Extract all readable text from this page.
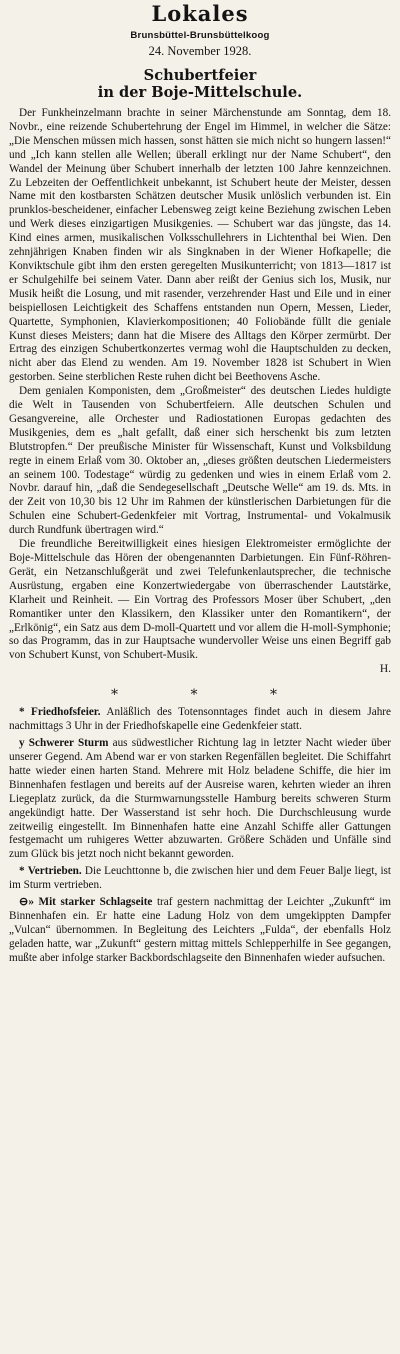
Lokales
Brunsbüttel-Brunsbüttelkoog
24. November 1928.
Schubertfeier
in der Boje-Mittelschule.

Der Funkheinzelmann brachte in seiner Märchenstunde am Sonntag, dem 18. Novbr., eine reizende Schubertehrung der Engel im Himmel, in welcher die Sätze: „Die Menschen müssen mich hassen, sonst hätten sie mich nicht so hungern lassen!“ und „Ich kann stellen alle Wellen; überall erklingt nur der Name Schubert“, den Wandel der Meinung über Schubert innerhalb der letzten 100 Jahre kennzeichnen. Zu Lebzeiten der Oeffentlichkeit unbekannt, ist Schubert heute der Meister, dessen Name mit den kostbarsten Schätzen deutscher Musik unlöslich verbunden ist. Ein prunklos-bescheidener, einfacher Lebensweg zeigt keine Beziehung zwischen Leben und Werk dieses einzigartigen Musikgenies. — Schubert war das jüngste, das 14. Kind eines armen, musikalischen Volksschullehrers in Lichtenthal bei Wien. Den zehnjährigen Knaben finden wir als Singknaben in der Wiener Hofkapelle; die Konviktschule gibt ihm den ersten geregelten Musikunterricht; von 1813—1817 ist er Schulgehilfe bei seinem Vater. Dann aber reißt der Genius sich los, Musik, nur Musik heißt die Losung, und mit rasender, verzehrender Hast und Eile und in einer beispiellosen Leichtigkeit des Schaffens entstanden nun Opern, Messen, Lieder, Quartette, Symphonien, Klavierkompositionen; 40 Foliobände füllt die geniale Kunst dieses Meisters; dann hat die Misere des Alltags den Körper zermürbt. Der Ertrag des einzigen Schubertkonzertes vermag wohl die Hauptschulden zu decken, nicht aber das Elend zu wenden. Am 19. November 1828 ist Schubert in Wien gestorben. Seine sterblichen Reste ruhen dicht bei Beethovens Asche.

Dem genialen Komponisten, dem „Großmeister“ des deutschen Liedes huldigte die Welt in Tausenden von Schubertfeiern. Alle deutschen Schulen und Gesangvereine, alle Orchester und Radiostationen Europas gedachten des Musikgenies, dem es „halt gefallt, daß einer sich herschenkt bis zum letzten Blutstropfen.“ Der preußische Minister für Wissenschaft, Kunst und Volksbildung regte in einem Erlaß vom 30. Oktober an, „dieses größten deutschen Liedermeisters an seinem 100. Todestage“ würdig zu gedenken und wies in einem Erlaß vom 2. Novbr. darauf hin, „daß die Sendegesellschaft „Deutsche Welle“ am 19. ds. Mts. in der Zeit von 10,30 bis 12 Uhr im Rahmen der künstlerischen Darbietungen für die Schulen eine Schubert-Gedenkfeier mit Vortrag, Instrumental- und Vokalmusik durch Rundfunk übertragen wird.“

Die freundliche Bereitwilligkeit eines hiesigen Elektromeister ermöglichte der Boje-Mittelschule das Hören der obengenannten Darbietungen. Ein Fünf-Röhren-Gerät, ein Netzanschlußgerät und zwei Telefunkenlautsprecher, die technische Ausrüstung, ergaben eine Konzertwiedergabe von überraschender Lautstärke, Klarheit und Reinheit. — Ein Vortrag des Professors Moser über Schubert, „den Romantiker unter den Klassikern, den Klassiker unter den Romantikern“, der „Erlkönig“, ein Satz aus dem D-moll-Quartett und vor allem die H-moll-Symphonie; so das Programm, das in zur Hauptsache wundervoller Weise uns einen Begriff gab von Schubert Kunst, von Schubert-Musik.

H.
* * *

* Friedhofsfeier. Anläßlich des Totensonntages findet auch in diesem Jahre nachmittags 3 Uhr in der Friedhofskapelle eine Gedenkfeier statt.

y Schwerer Sturm aus südwestlicher Richtung lag in letzter Nacht wieder über unserer Gegend. Am Abend war er von starken Regenfällen begleitet. Die Schiffahrt hatte wieder einen harten Stand. Mehrere mit Holz beladene Schiffe, die hier im Binnenhafen festlagen und bereits auf der Ausreise waren, kehrten wieder an ihren Liegeplatz zurück, da die Sturmwarnungsstelle Hamburg bereits schweren Sturm angekündigt hatte. Der Wasserstand ist sehr hoch. Die Durchschleusung wurde zeitweilig eingestellt. Im Binnenhafen hatte eine Anzahl Schiffe aller Gattungen festgemacht um ruhigeres Wetter abzuwarten. Größere Schäden und Unfälle sind zum Glück bis jetzt noch nicht bekannt geworden.

* Vertrieben. Die Leuchttonne b, die zwischen hier und dem Feuer Balje liegt, ist im Sturm vertrieben.

⊖» Mit starker Schlagseite traf gestern nachmittag der Leichter „Zukunft“ im Binnenhafen ein. Er hatte eine Ladung Holz von dem umgekippten Dampfer „Vulcan“ übernommen. In Begleitung des Leichters „Fulda“, der ebenfalls Holz geladen hatte, war „Zukunft“ gestern mittag mittels Schlepperhilfe in See gegangen, mußte aber infolge starker Backbordschlagseite den Binnenhafen wieder aufsuchen.
